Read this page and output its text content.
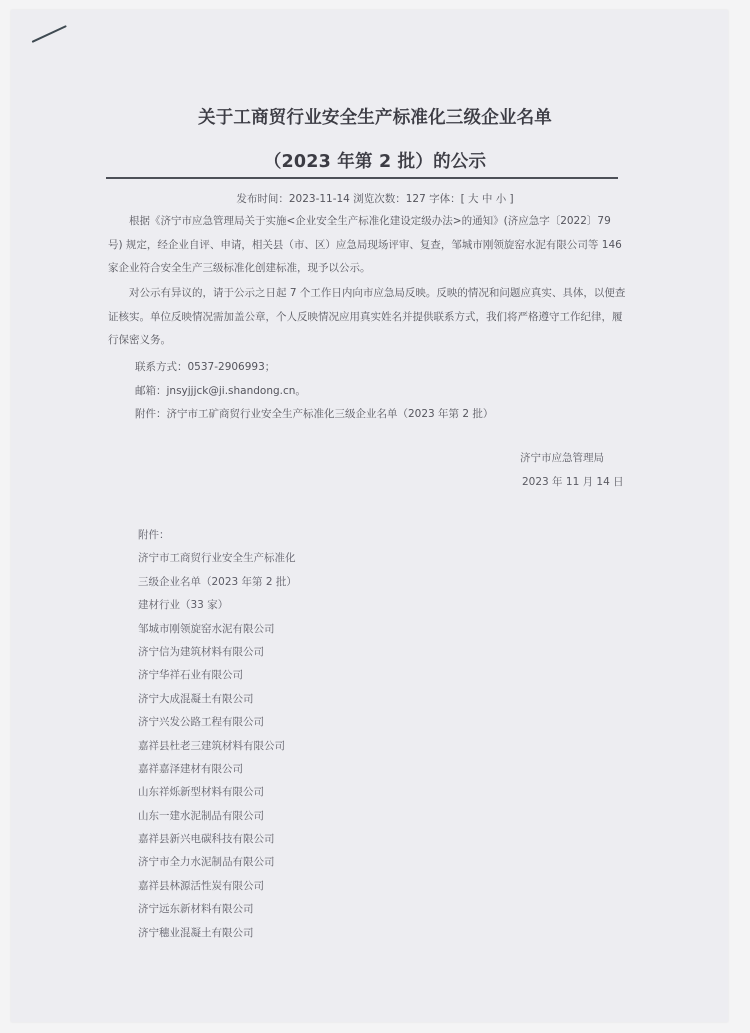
关于工商贸行业安全生产标准化三级企业名单
（2023 年第 2 批）的公示
发布时间：2023-11-14 浏览次数：127 字体：[ 大 中 小 ]

根据《济宁市应急管理局关于实施<企业安全生产标准化建设定级办法>的通知》(济应急字〔2022〕79 号) 规定，经企业自评、申请，相关县（市、区）应急局现场评审、复查，邹城市刚领旋窑水泥有限公司等 146 家企业符合安全生产三级标准化创建标准，现予以公示。

对公示有异议的，请于公示之日起 7 个工作日内向市应急局反映。反映的情况和问题应真实、具体，以便查证核实。单位反映情况需加盖公章，个人反映情况应用真实姓名并提供联系方式，我们将严格遵守工作纪律，履行保密义务。

联系方式：0537-2906993；
邮箱：jnsyjjjck@ji.shandong.cn。
附件：济宁市工矿商贸行业安全生产标准化三级企业名单（2023 年第 2 批）
济宁市应急管理局
2023 年 11 月 14 日
附件：
济宁市工商贸行业安全生产标准化
三级企业名单（2023 年第 2 批）
建材行业（33 家）
邹城市刚领旋窑水泥有限公司
济宁信为建筑材料有限公司
济宁华祥石业有限公司
济宁大成混凝土有限公司
济宁兴发公路工程有限公司
嘉祥县杜老三建筑材料有限公司
嘉祥嘉泽建材有限公司
山东祥烁新型材料有限公司
山东一建水泥制品有限公司
嘉祥县新兴电碳科技有限公司
济宁市全力水泥制品有限公司
嘉祥县林源活性炭有限公司
济宁远东新材料有限公司
济宁穗业混凝土有限公司
